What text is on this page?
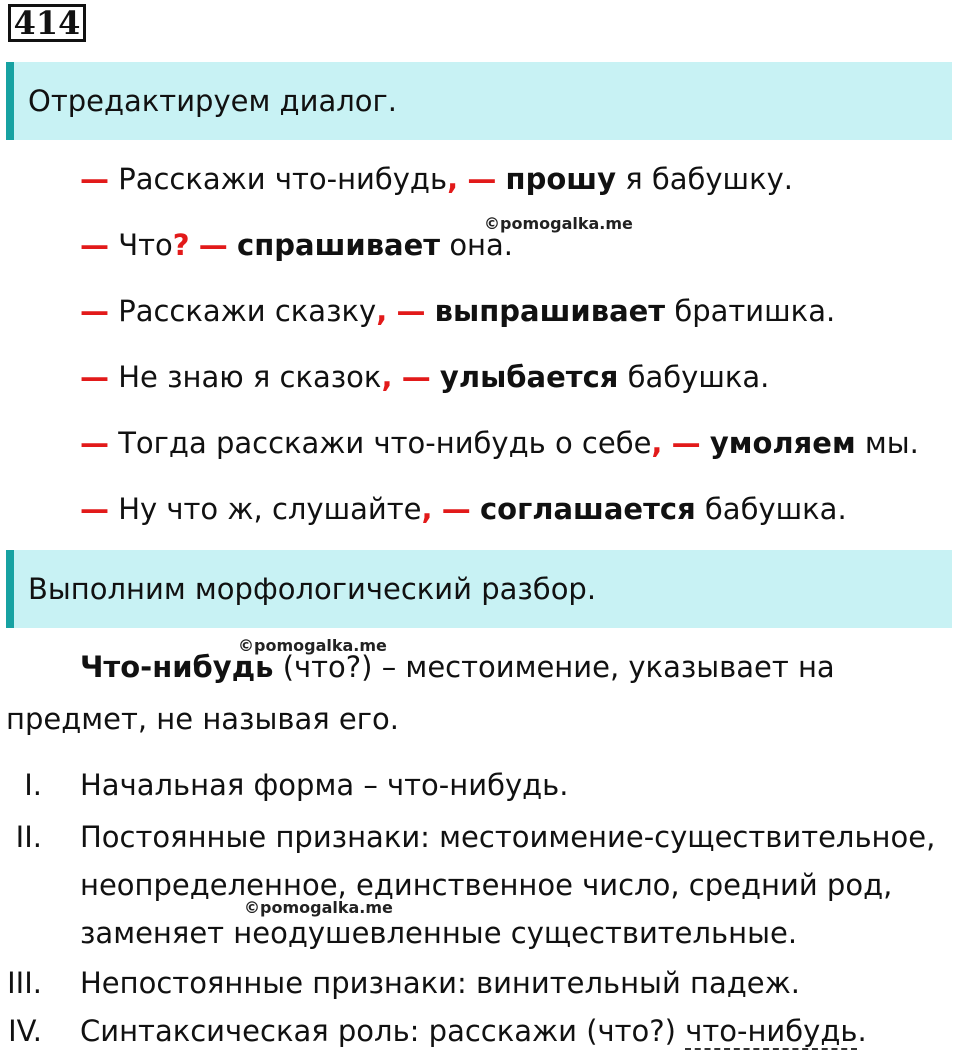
414
Отредактируем диалог.
— Расскажи что-нибудь, — прошу я бабушку.
©pomogalka.me
— Что? — спрашивает она.
— Расскажи сказку, — выпрашивает братишка.
— Не знаю я сказок, — улыбается бабушка.
— Тогда расскажи что-нибудь о себе, — умоляем мы.
— Ну что ж, слушайте, — соглашается бабушка.
Выполним морфологический разбор.
©pomogalka.me
Что-нибудь (что?) – местоимение, указывает на
предмет, не называя его.
I. Начальная форма – что-нибудь.
II. Постоянные признаки: местоимение-существительное,
неопределенное, единственное число, средний род,
©pomogalka.me
заменяет неодушевленные существительные.
III. Непостоянные признаки: винительный падеж.
IV. Синтаксическая роль: расскажи (что?) что-нибудь.
